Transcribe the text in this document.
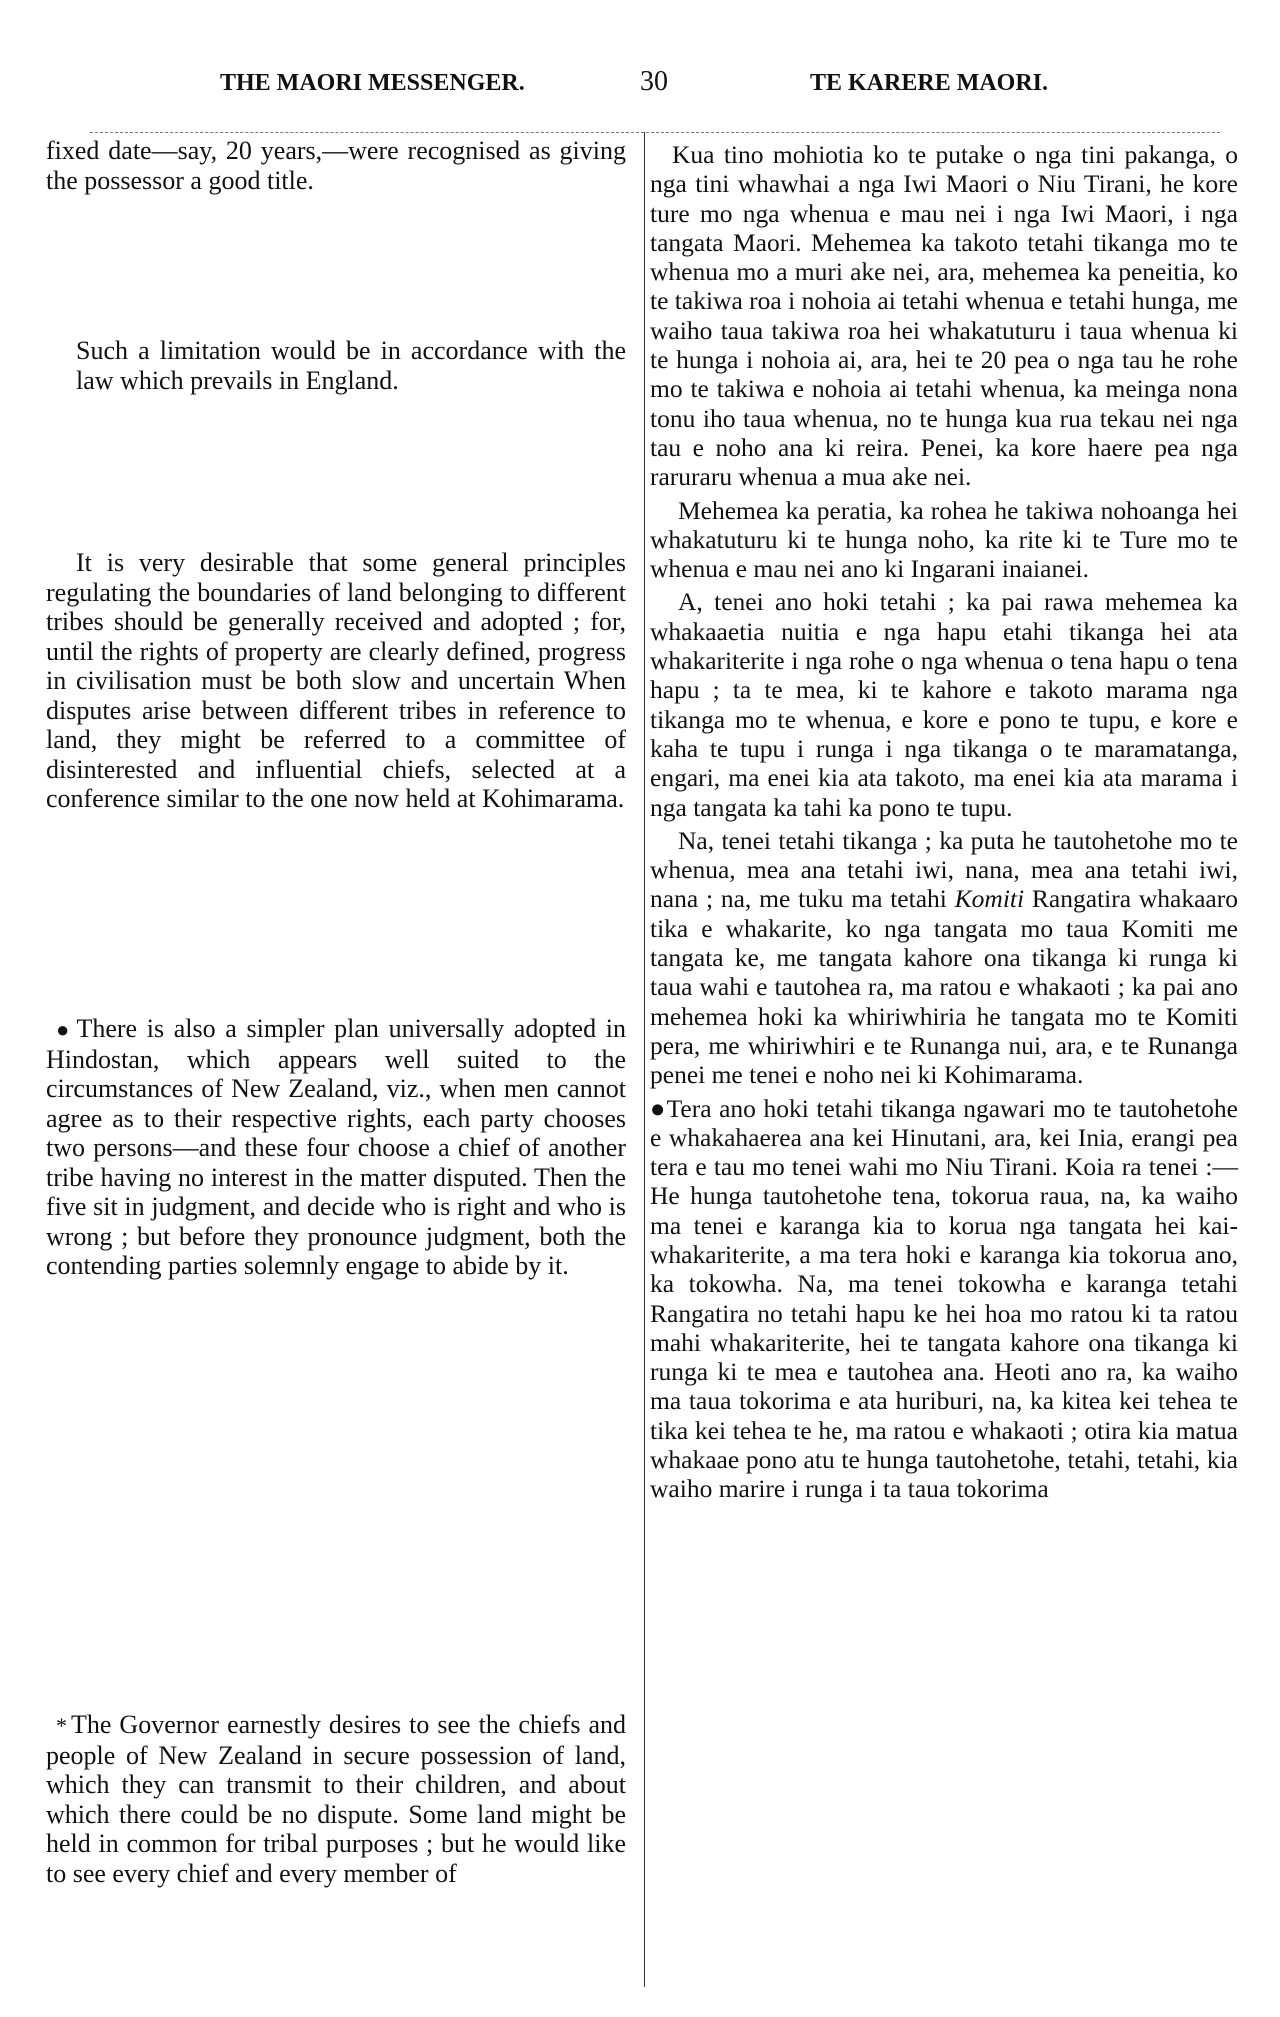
THE MAORI MESSENGER.	30	TE KARERE MAORI.

fixed date—say, 20 years,—were recognised as giving the possessor a good title.

Such a limitation would be in accordance with the law which prevails in England.

It is very desirable that some general principles regulating the boundaries of land belonging to different tribes should be generally received and adopted ; for, until the rights of property are clearly defined, progress in civilisation must be both slow and uncertain When disputes arise between different tribes in reference to land, they might be referred to a committee of disinterested and influential chiefs, selected at a conference similar to the one now held at Kohimarama.

● There is also a simpler plan universally adopted in Hindostan, which appears well suited to the circumstances of New Zealand, viz., when men cannot agree as to their respective rights, each party chooses two persons—and these four choose a chief of another tribe having no interest in the matter disputed. Then the five sit in judgment, and decide who is right and who is wrong ; but before they pronounce judgment, both the contending parties solemnly engage to abide by it.

* The Governor earnestly desires to see the chiefs and people of New Zealand in secure possession of land, which they can transmit to their children, and about which there could be no dispute. Some land might be held in common for tribal purposes ; but he would like to see every chief and every member of

Kua tino mohiotia ko te putake o nga tini pakanga, o nga tini whawhai a nga Iwi Maori o Niu Tirani, he kore ture mo nga whenua e mau nei i nga Iwi Maori, i nga tangata Maori. Mehemea ka takoto tetahi tikanga mo te whenua mo a muri ake nei, ara, mehemea ka peneitia, ko te takiwa roa i nohoia ai tetahi whenua e tetahi hunga, me waiho taua takiwa roa hei whakatuturu i taua whenua ki te hunga i nohoia ai, ara, hei te 20 pea o nga tau he rohe mo te takiwa e nohoia ai tetahi whenua, ka meinga nona tonu iho taua whenua, no te hunga kua rua tekau nei nga tau e noho ana ki reira. Penei, ka kore haere pea nga raruraru whenua a mua ake nei.

Mehemea ka peratia, ka rohea he takiwa nohoanga hei whakatuturu ki te hunga noho, ka rite ki te Ture mo te whenua e mau nei ano ki Ingarani inaianei.

A, tenei ano hoki tetahi ; ka pai rawa mehemea ka whakaaetia nuitia e nga hapu etahi tikanga hei ata whakariterite i nga rohe o nga whenua o tena hapu o tena hapu ; ta te mea, ki te kahore e takoto marama nga tikanga mo te whenua, e kore e pono te tupu, e kore e kaha te tupu i runga i nga tikanga o te maramatanga, engari, ma enei kia ata takoto, ma enei kia ata marama i nga tangata ka tahi ka pono te tupu.

Na, tenei tetahi tikanga ; ka puta he tautohetohe mo te whenua, mea ana tetahi iwi, nana, mea ana tetahi iwi, nana ; na, me tuku ma tetahi Komiti Rangatira whakaaro tika e whakarite, ko nga tangata mo taua Komiti me tangata ke, me tangata kahore ona tikanga ki runga ki taua wahi e tautohea ra, ma ratou e whakaoti ; ka pai ano mehemea hoki ka whiriwhiria he tangata mo te Komiti pera, me whiriwhiri e te Runanga nui, ara, e te Runanga penei me tenei e noho nei ki Kohimarama.

●Tera ano hoki tetahi tikanga ngawari mo te tautohetohe e whakahaerea ana kei Hinutani, ara, kei Inia, erangi pea tera e tau mo tenei wahi mo Niu Tirani. Koia ra tenei :— He hunga tautohetohe tena, tokorua raua, na, ka waiho ma tenei e karanga kia to korua nga tangata hei kai-whakariterite, a ma tera hoki e karanga kia tokorua ano, ka tokowha. Na, ma tenei tokowha e karanga tetahi Rangatira no tetahi hapu ke hei hoa mo ratou ki ta ratou mahi whakariterite, hei te tangata kahore ona tikanga ki runga ki te mea e tautohea ana. Heoti ano ra, ka waiho ma taua tokorima e ata huriburi, na, ka kitea kei tehea te tika kei tehea te he, ma ratou e whakaoti ; otira kia matua whakaae pono atu te hunga tautohetohe, tetahi, tetahi, kia waiho marire i runga i ta taua tokorima
